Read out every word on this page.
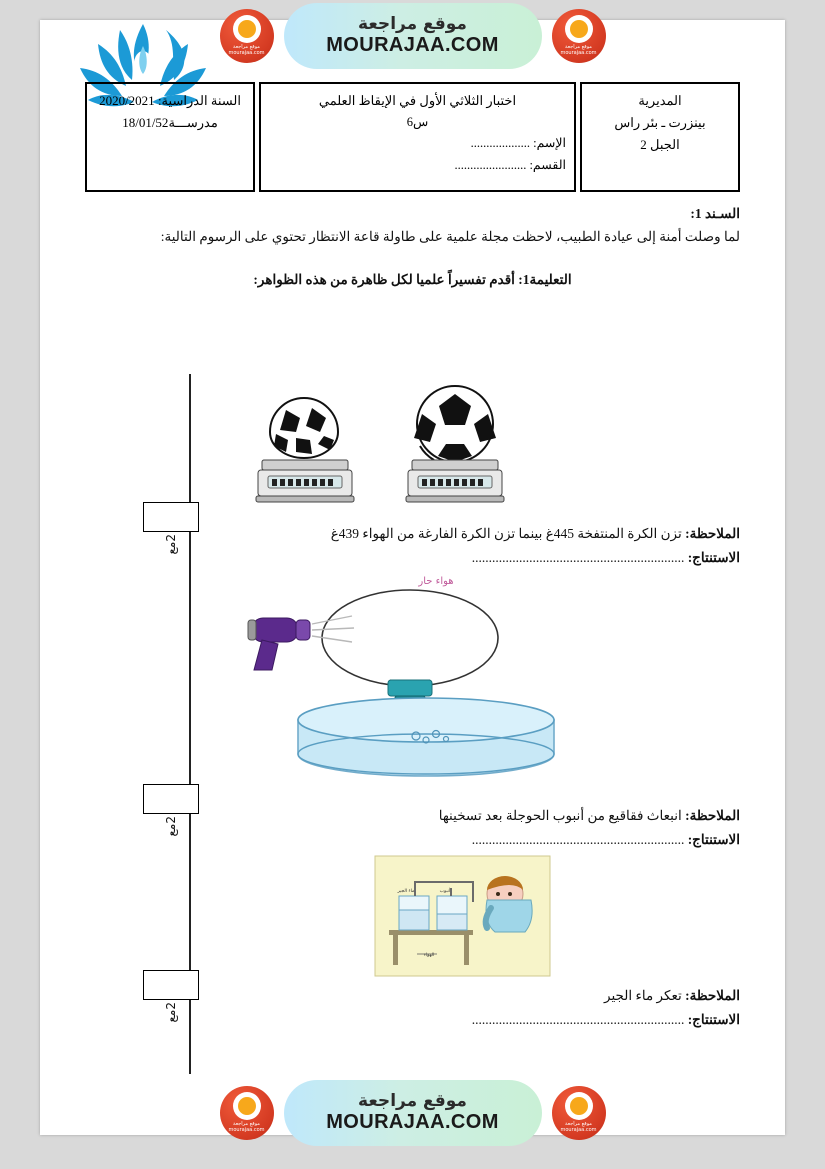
المديرية
بينزرت ـ بئر راس
الجبل 2
اختبار الثلاثي الأول في الإيقاظ العلمي
س6
الإسم: ...................
القسم: .......................
السنة الدراسية: 2020/2021
مدرســـة18/01/52

السـند 1:

لما وصلت أمنة إلى عيادة الطبيب، لاحظت مجلة علمية على طاولة قاعة الانتظار تحتوي على الرسوم التالية:

التعليمة1: أقدم تفسيراً علميا لكل ظاهرة من هذه الظواهر:

2مع	الملاحظة: تزن الكرة المنتفخة 445غ بينما تزن الكرة الفارغة من الهواء 439غ

الاستنتاج: ...............................................................

هواء حار
2مع	الملاحظة: انبعاث فقاقيع من أنبوب الحوجلة بعد تسخينها

الاستنتاج: ...............................................................

ماء الجير	أنبوب
الهواء
2مع

الملاحظة: تعكر ماء الجير

الاستنتاج: ...............................................................

موقع مراجعة
mourajaa.com
موقع مراجعة
MOURAJAA.COM	موقع مراجعة
mourajaa.com
موقع مراجعة
mourajaa.com
موقع مراجعة
MOURAJAA.COM	موقع مراجعة
mourajaa.com
